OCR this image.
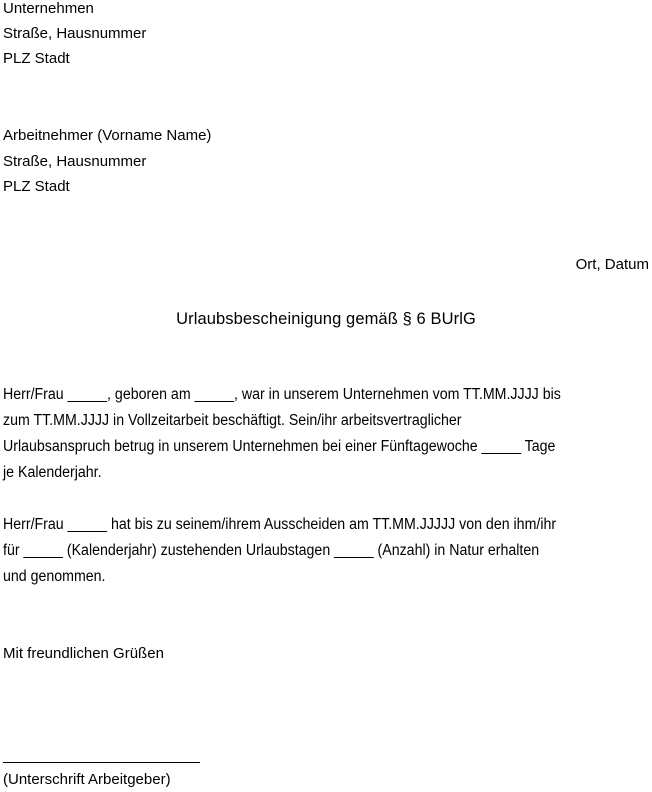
Unternehmen
Straße, Hausnummer
PLZ Stadt
Arbeitnehmer (Vorname Name)
Straße, Hausnummer
PLZ Stadt
Ort, Datum
Urlaubsbescheinigung gemäß § 6 BUrlG
Herr/Frau _____, geboren am _____, war in unserem Unternehmen vom TT.MM.JJJJ bis
zum TT.MM.JJJJ in Vollzeitarbeit beschäftigt. Sein/ihr arbeitsvertraglicher
Urlaubsanspruch betrug in unserem Unternehmen bei einer Fünftagewoche _____ Tage
je Kalenderjahr.
Herr/Frau _____ hat bis zu seinem/ihrem Ausscheiden am TT.MM.JJJJJ von den ihm/ihr
für _____ (Kalenderjahr) zustehenden Urlaubstagen _____ (Anzahl) in Natur erhalten
und genommen.
Mit freundlichen Grüßen
(Unterschrift Arbeitgeber)
